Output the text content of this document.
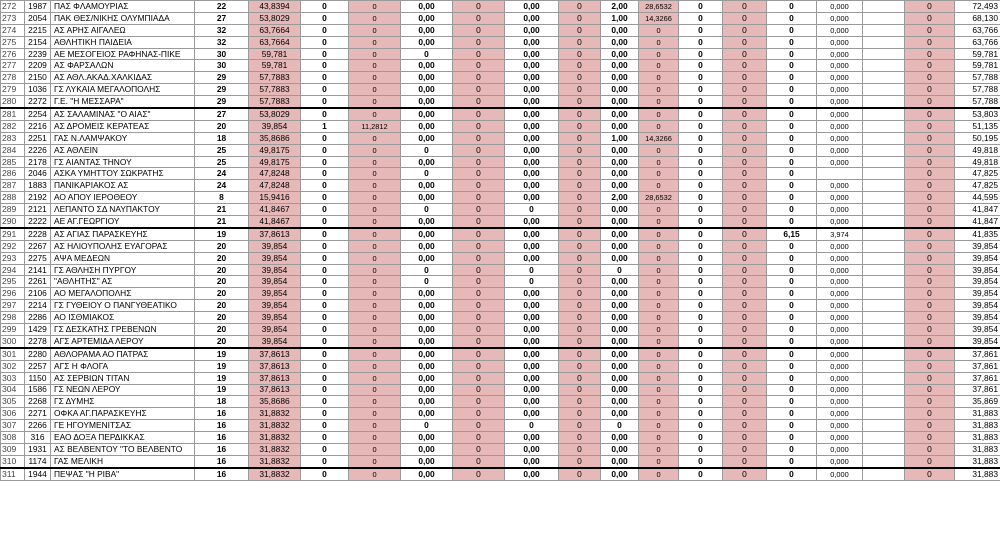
272	1987	ΠΑΣ ΦΛΑΜΟΥΡΙΑΣ	22	43,8394	0	0	0,00	0	0,00	0	2,00	28,6532	0	0	0	0,000		0	72,493
273	2054	ΠΑΚ ΘΕΣ/ΝΙΚΗΣ ΟΛΥΜΠΙΑΔΑ	27	53,8029	0	0	0,00	0	0,00	0	1,00	14,3266	0	0	0	0,000		0	68,130
274	2215	ΑΣ ΑΡΗΣ ΑΙΓΑΛΕΩ	32	63,7664	0	0	0,00	0	0,00	0	0,00	0	0	0	0	0,000		0	63,766
275	2154	ΑΘΛΗΤΙΚΗ ΠΑΙΔΕΙΑ	32	63,7664	0	0	0,00	0	0,00	0	0,00	0	0	0	0	0,000		0	63,766
276	2239	ΑΕ ΜΕΣΟΓΕΙΟΣ ΡΑΦΗΝΑΣ-ΠΙΚΕ	30	59,781	0	0	0	0	0,00	0	0,00	0	0	0	0	0,000		0	59,781
277	2209	ΑΣ ΦΑΡΣΑΛΩΝ	30	59,781	0	0	0,00	0	0,00	0	0,00	0	0	0	0	0,000		0	59,781
278	2150	ΑΣ ΑΘΛ.ΑΚΑΔ.ΧΑΛΚΙΔΑΣ	29	57,7883	0	0	0,00	0	0,00	0	0,00	0	0	0	0	0,000		0	57,788
279	1036	ΓΣ ΛΥΚΑΙΑ ΜΕΓΑΛΟΠΟΛΗΣ	29	57,7883	0	0	0,00	0	0,00	0	0,00	0	0	0	0	0,000		0	57,788
280	2272	Γ.Ε. "Η ΜΕΣΣΑΡΑ"	29	57,7883	0	0	0,00	0	0,00	0	0,00	0	0	0	0	0,000		0	57,788
281	2254	ΑΣ ΣΑΛΑΜΙΝΑΣ "Ο ΑΙΑΣ"	27	53,8029	0	0	0,00	0	0,00	0	0,00	0	0	0	0	0,000		0	53,803
282	2216	ΑΣ ΔΡΟΜΕΙΣ ΚΕΡΑΤΕΑΣ	20	39,854	1	11,2812	0,00	0	0,00	0	0,00	0	0	0	0	0,000		0	51,135
283	2251	ΓΑΣ Ν.ΛΑΜΨΑΚΟΥ	18	35,8686	0	0	0,00	0	0,00	0	1,00	14,3266	0	0	0	0,000		0	50,195
284	2226	ΑΣ ΑΘΛΕΙΝ	25	49,8175	0	0	0	0	0,00	0	0,00	0	0	0	0	0,000		0	49,818
285	2178	ΓΣ ΑΙΑΝΤΑΣ ΤΗΝΟΥ	25	49,8175	0	0	0,00	0	0,00	0	0,00	0	0	0	0	0,000		0	49,818
286	2046	ΑΣΚΑ ΥΜΗΤΤΟΥ ΣΩΚΡΑΤΗΣ	24	47,8248	0	0	0	0	0,00	0	0,00	0	0	0	0			0	47,825
287	1883	ΠΑΝΙΚΑΡΙΑΚΟΣ ΑΣ	24	47,8248	0	0	0,00	0	0,00	0	0,00	0	0	0	0	0,000		0	47,825
288	2192	ΑΟ ΑΠΟΥ ΙΕΡΟΘΕΟΥ	8	15,9416	0	0	0,00	0	0,00	0	2,00	28,6532	0	0	0	0,000		0	44,595
289	2121	ΛΕΠΑΝΤΟ ΣΔ ΝΑΥΠΑΚΤΟΥ	21	41,8467	0	0	0	0	0	0	0,00	0	0	0	0	0,000		0	41,847
290	2222	ΑΕ ΑΓ.ΓΕΩΡΓΙΟΥ	21	41,8467	0	0	0,00	0	0,00	0	0,00	0	0	0	0	0,000		0	41,847
291	2228	ΑΣ ΑΓΙΑΣ ΠΑΡΑΣΚΕΥΗΣ	19	37,8613	0	0	0,00	0	0,00	0	0,00	0	0	0	6,15	3,974		0	41,835
292	2267	ΑΣ ΗΛΙΟΥΠΟΛΗΣ ΕΥΑΓΟΡΑΣ	20	39,854	0	0	0,00	0	0,00	0	0,00	0	0	0	0	0,000		0	39,854
293	2275	ΑΨΑ ΜΕΔΕΩΝ	20	39,854	0	0	0,00	0	0,00	0	0,00	0	0	0	0	0,000		0	39,854
294	2141	ΓΣ ΑΘΛΗΣΗ ΠΥΡΓΟΥ	20	39,854	0	0	0	0	0	0	0	0	0	0	0	0,000		0	39,854
295	2261	"ΑΘΛΗΤΗΣ" ΑΣ	20	39,854	0	0	0	0	0	0	0,00	0	0	0	0	0,000		0	39,854
296	2106	ΑΟ ΜΕΓΑΛΟΠΟΛΗΣ	20	39,854	0	0	0,00	0	0,00	0	0,00	0	0	0	0	0,000		0	39,854
297	2214	ΓΣ ΓΥΘΕΙΟΥ Ο ΠΑΝΓΥΘΕΑΤΙΚΟ	20	39,854	0	0	0,00	0	0,00	0	0,00	0	0	0	0	0,000		0	39,854
298	2286	ΑΟ ΙΣΘΜΙΑΚΟΣ	20	39,854	0	0	0,00	0	0,00	0	0,00	0	0	0	0	0,000		0	39,854
299	1429	ΓΣ ΔΕΣΚΑΤΗΣ ΓΡΕΒΕΝΩΝ	20	39,854	0	0	0,00	0	0,00	0	0,00	0	0	0	0	0,000		0	39,854
300	2278	ΑΓΣ ΑΡΤΕΜΙΔΑ ΛΕΡΟΥ	20	39,854	0	0	0,00	0	0,00	0	0,00	0	0	0	0	0,000		0	39,854
301	2280	ΑΘΛΟΡΑΜΑ ΑΟ ΠΑΤΡΑΣ	19	37,8613	0	0	0,00	0	0,00	0	0,00	0	0	0	0	0,000		0	37,861
302	2257	ΑΓΣ Η ΦΛΟΓΑ	19	37,8613	0	0	0,00	0	0,00	0	0,00	0	0	0	0	0,000		0	37,861
303	1150	ΑΣ ΣΕΡΒΙΩΝ ΤΙΤΑΝ	19	37,8613	0	0	0,00	0	0,00	0	0,00	0	0	0	0	0,000		0	37,861
304	1586	ΓΣ ΝΕΩΝ ΛΕΡΟΥ	19	37,8613	0	0	0,00	0	0,00	0	0,00	0	0	0	0	0,000		0	37,861
305	2268	ΓΣ ΔΥΜΗΣ	18	35,8686	0	0	0,00	0	0,00	0	0,00	0	0	0	0	0,000		0	35,869
306	2271	ΟΦΚΑ ΑΓ.ΠΑΡΑΣΚΕΥΗΣ	16	31,8832	0	0	0,00	0	0,00	0	0,00	0	0	0	0	0,000		0	31,883
307	2266	ΓΕ ΗΓΟΥΜΕΝΙΤΣΑΣ	16	31,8832	0	0	0	0	0	0	0	0	0	0	0	0,000		0	31,883
308	316	ΕΑΟ ΔΟΞΑ ΠΕΡΔΙΚΚΑΣ	16	31,8832	0	0	0,00	0	0,00	0	0,00	0	0	0	0	0,000		0	31,883
309	1931	ΑΣ ΒΕΛΒΕΝΤΟΥ "ΤΟ ΒΕΛΒΕΝΤΟ	16	31,8832	0	0	0,00	0	0,00	0	0,00	0	0	0	0	0,000		0	31,883
310	1174	ΓΑΣ ΜΕΛΙΚΗ	16	31,8832	0	0	0,00	0	0,00	0	0,00	0	0	0	0	0,000		0	31,883
311	1944	ΠΕΨΑΣ "Η ΡΙΒΑ"	16	31,8832	0	0	0,00	0	0,00	0	0,00	0	0	0	0	0,000		0	31,883
